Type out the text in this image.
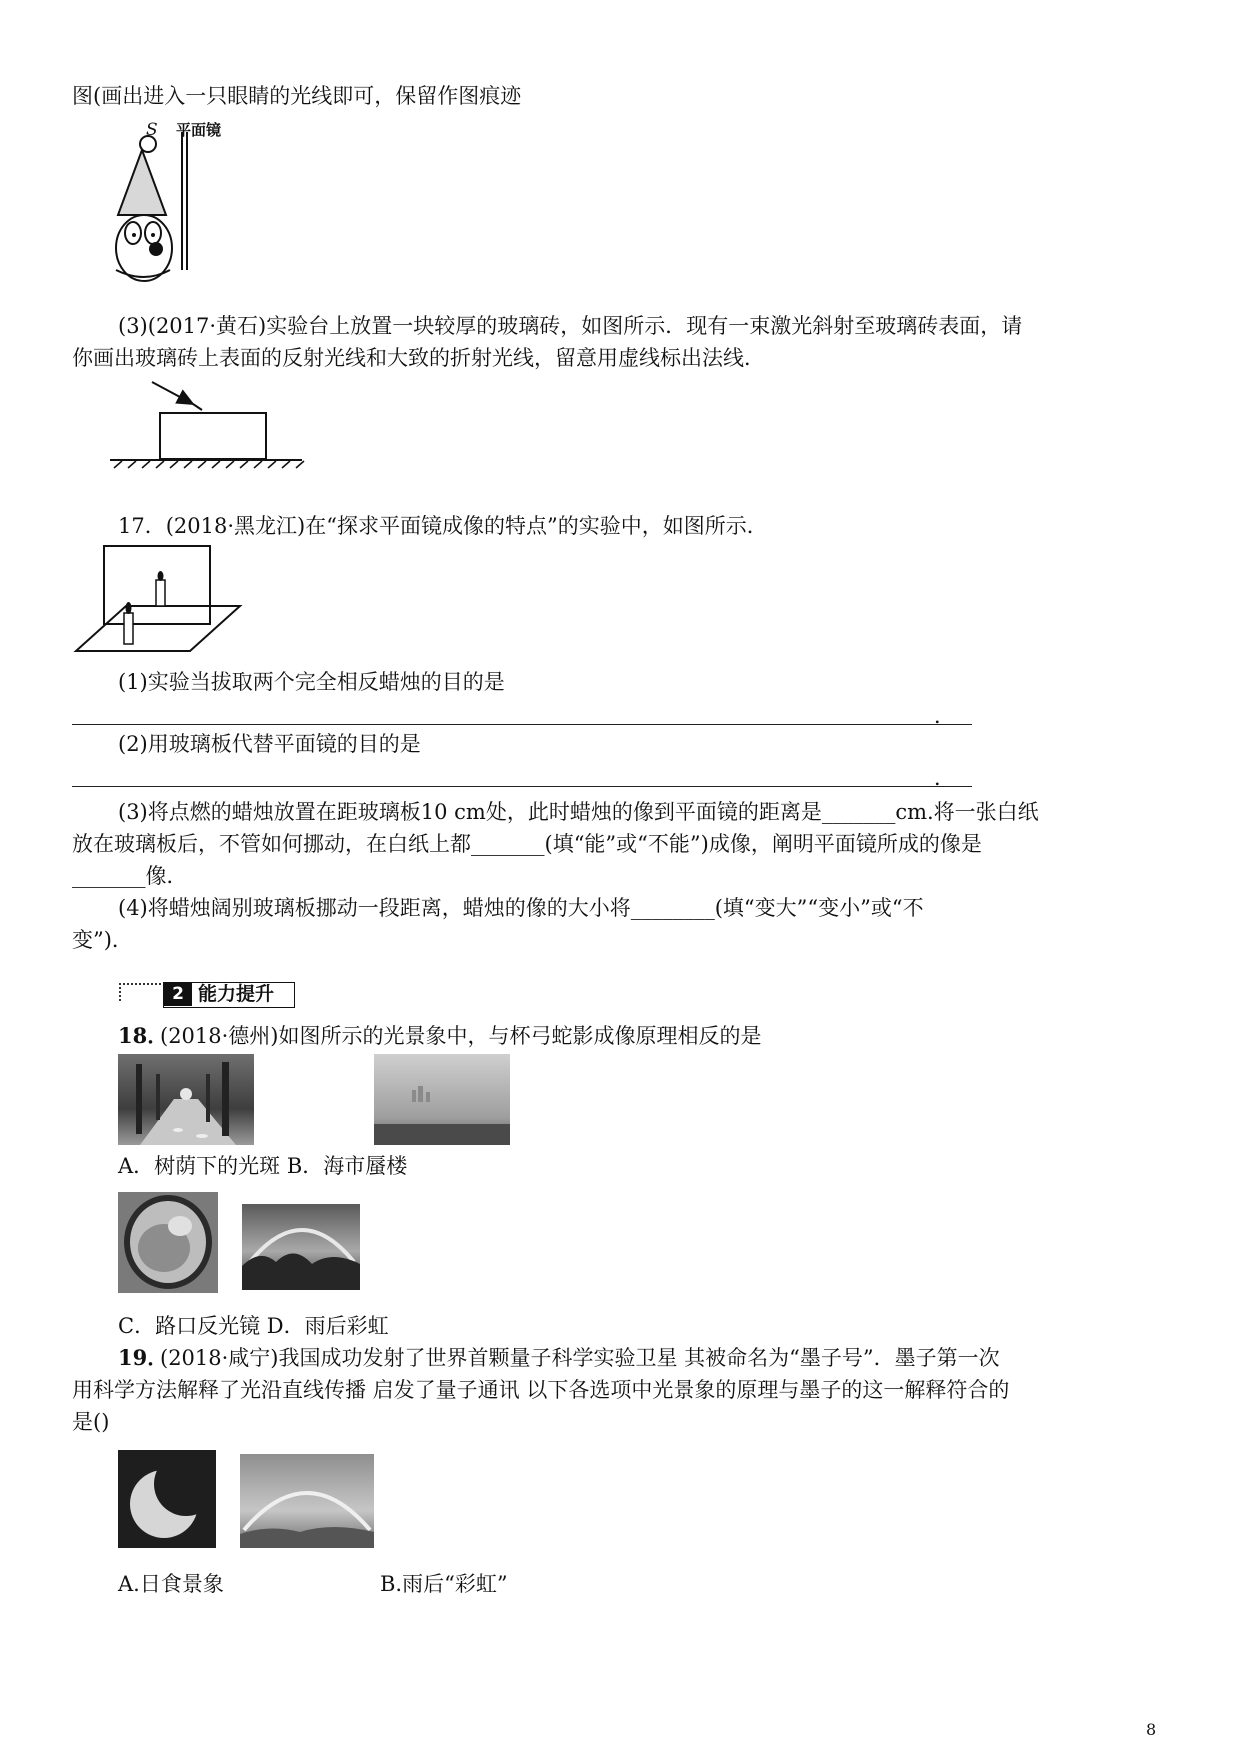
图(画出进入一只眼睛的光线即可，保留作图痕迹
S 平面镜
(3)(2017·黄石)实验台上放置一块较厚的玻璃砖，如图所示．现有一束激光斜射至玻璃砖表面，请
你画出玻璃砖上表面的反射光线和大致的折射光线，留意用虚线标出法线．
17．(2018·黑龙江)在“探求平面镜成像的特点”的实验中，如图所示．
(1)实验当拔取两个完全相反蜡烛的目的是
．
(2)用玻璃板代替平面镜的目的是
．
(3)将点燃的蜡烛放置在距玻璃板10 cm处，此时蜡烛的像到平面镜的距离是_______cm.将一张白纸
放在玻璃板后，不管如何挪动，在白纸上都_______(填“能”或“不能”)成像，阐明平面镜所成的像是
_______像．
(4)将蜡烛阔别玻璃板挪动一段距离，蜡烛的像的大小将________(填“变大”“变小”或“不
变”)．
2 能力提升
18．
(2018·德州)如图所示的光景象中，与杯弓蛇影成像原理相反的是
A．树荫下的光斑 B．海市蜃楼
C．路口反光镜 D．雨后彩虹
19．
(2018·咸宁)我国成功发射了世界首颗量子科学实验卫星 其被命名为“墨子号”．墨子第一次
用科学方法解释了光沿直线传播 启发了量子通讯 以下各选项中光景象的原理与墨子的这一解释符合的
是()
A.日食景象	B.雨后“彩虹”
8
